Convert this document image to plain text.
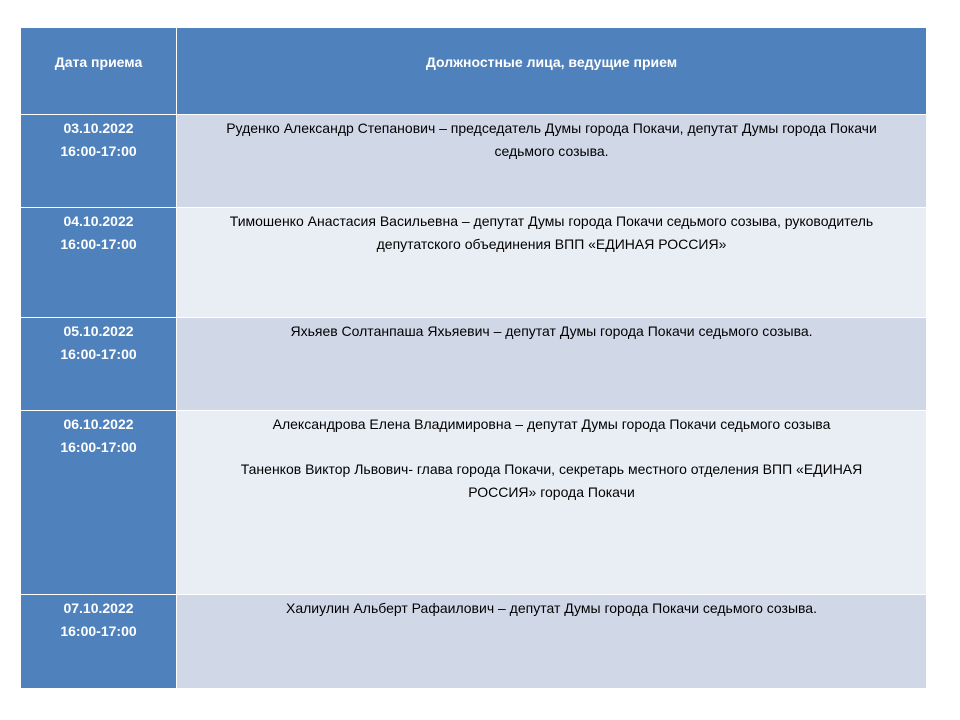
Дата приема	Должностные лица, ведущие прием

03.10.2022
16:00-17:00	Руденко Александр Степанович – председатель Думы города Покачи, депутат Думы города Покачи
седьмого созыва.

04.10.2022
16:00-17:00	Тимошенко Анастасия Васильевна – депутат Думы города Покачи седьмого созыва, руководитель
депутатского объединения ВПП «ЕДИНАЯ РОССИЯ»

05.10.2022
16:00-17:00	Яхьяев Солтанпаша Яхьяевич – депутат Думы города Покачи седьмого созыва.

06.10.2022
16:00-17:00	Александрова Елена Владимировна – депутат Думы города Покачи седьмого созыва
Таненков Виктор Львович- глава города Покачи, секретарь местного отделения ВПП «ЕДИНАЯ
РОССИЯ» города Покачи

07.10.2022
16:00-17:00	Халиулин Альберт Рафаилович – депутат Думы города Покачи седьмого созыва.
